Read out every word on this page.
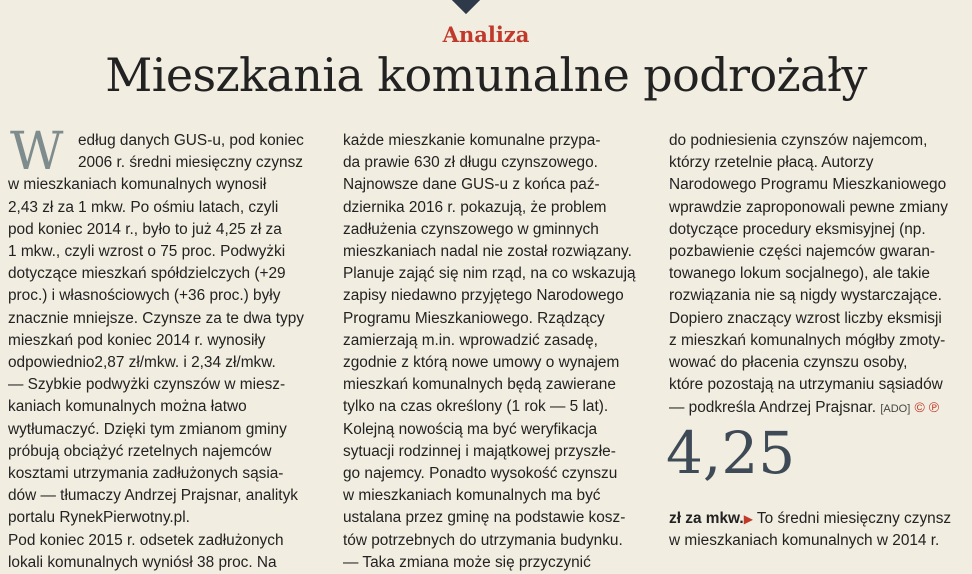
Analiza
Mieszkania komunalne podrożały
W edług danych GUS-u, pod koniec
2006 r. średni miesięczny czynsz
w mieszkaniach komunalnych wynosił
2,43 zł za 1 mkw. Po ośmiu latach, czyli
pod koniec 2014 r., było to już 4,25 zł za
1 mkw., czyli wzrost o 75 proc. Podwyżki
dotyczące mieszkań spółdzielczych (+29
proc.) i własnościowych (+36 proc.) były
znacznie mniejsze. Czynsze za te dwa typy
mieszkań pod koniec 2014 r. wynosiły
odpowiednio2,87 zł/mkw. i 2,34 zł/mkw.
— Szybkie podwyżki czynszów w miesz-
kaniach komunalnych można łatwo
wytłumaczyć. Dzięki tym zmianom gminy
próbują obciążyć rzetelnych najemców
kosztami utrzymania zadłużonych sąsia-
dów — tłumaczy Andrzej Prajsnar, analityk
portalu RynekPierwotny.pl.
Pod koniec 2015 r. odsetek zadłużonych
lokali komunalnych wyniósł 38 proc. Na
każde mieszkanie komunalne przypa-
da prawie 630 zł długu czynszowego.
Najnowsze dane GUS-u z końca paź-
dziernika 2016 r. pokazują, że problem
zadłużenia czynszowego w gminnych
mieszkaniach nadal nie został rozwiązany.
Planuje zająć się nim rząd, na co wskazują
zapisy niedawno przyjętego Narodowego
Programu Mieszkaniowego. Rządzący
zamierzają m.in. wprowadzić zasadę,
zgodnie z którą nowe umowy o wynajem
mieszkań komunalnych będą zawierane
tylko na czas określony (1 rok — 5 lat).
Kolejną nowością ma być weryfikacja
sytuacji rodzinnej i majątkowej przyszłe-
go najemcy. Ponadto wysokość czynszu
w mieszkaniach komunalnych ma być
ustalana przez gminę na podstawie kosz-
tów potrzebnych do utrzymania budynku.
— Taka zmiana może się przyczynić
do podniesienia czynszów najemcom,
którzy rzetelnie płacą. Autorzy
Narodowego Programu Mieszkaniowego
wprawdzie zaproponowali pewne zmiany
dotyczące procedury eksmisyjnej (np.
pozbawienie części najemców gwaran-
towanego lokum socjalnego), ale takie
rozwiązania nie są nigdy wystarczające.
Dopiero znaczący wzrost liczby eksmisji
z mieszkań komunalnych mógłby zmoty-
wować do płacenia czynszu osoby,
które pozostają na utrzymaniu sąsiadów
— podkreśla Andrzej Prajsnar. [ADO] © ℗
4,25
zł za mkw.▶ To średni miesięczny czynsz
w mieszkaniach komunalnych w 2014 r.
